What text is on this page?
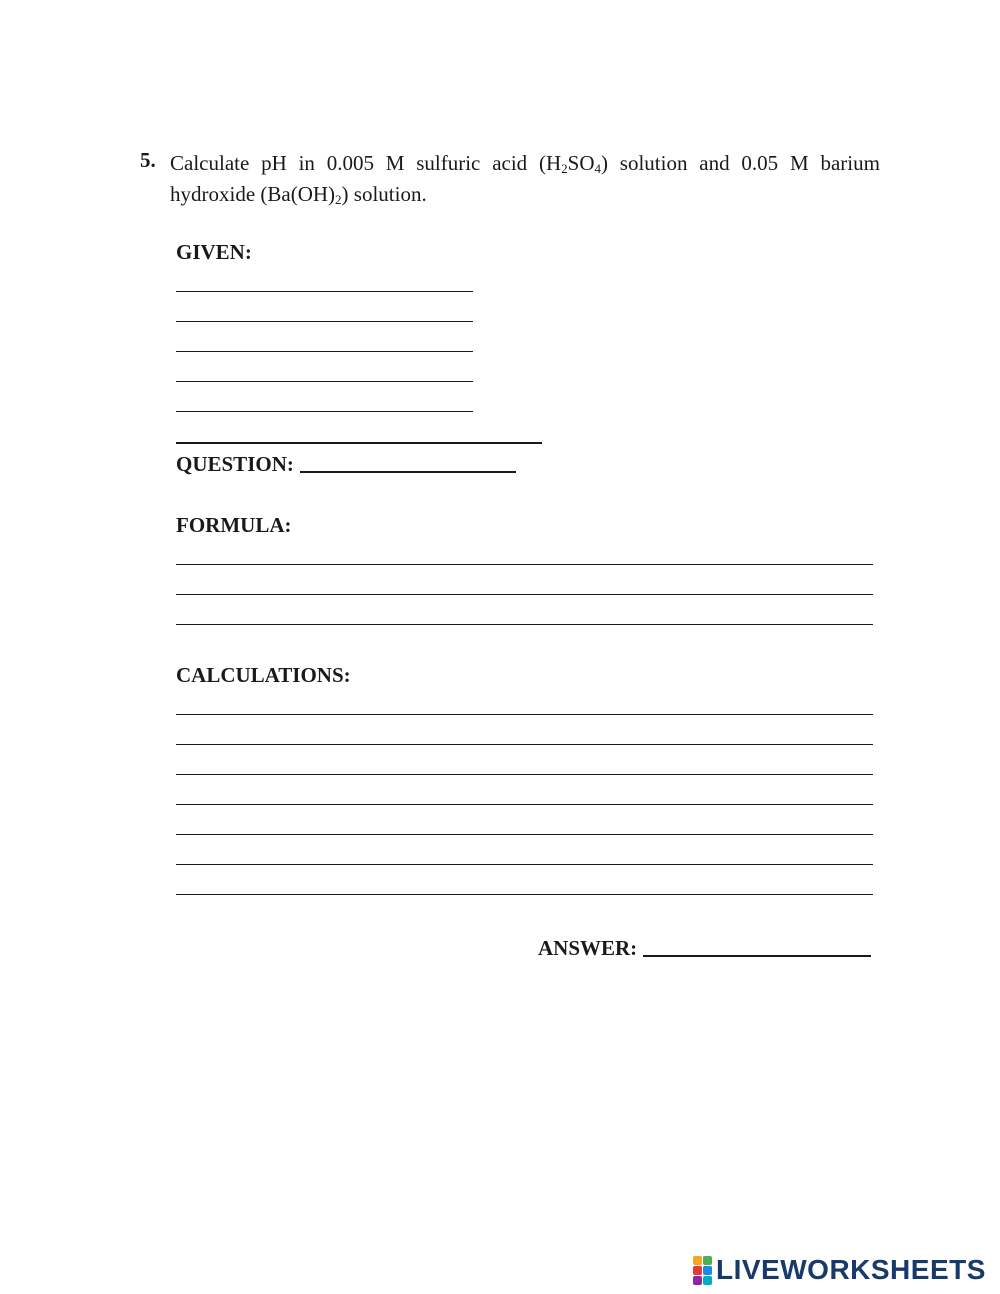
5. Calculate pH in 0.005 M sulfuric acid $(H_2SO_4)$ solution and 0.05 M barium
hydroxide $(Ba(OH)_2)$ solution.
GIVEN:
QUESTION:
FORMULA:
CALCULATIONS:
ANSWER:
LIVEWORKSHEETS
